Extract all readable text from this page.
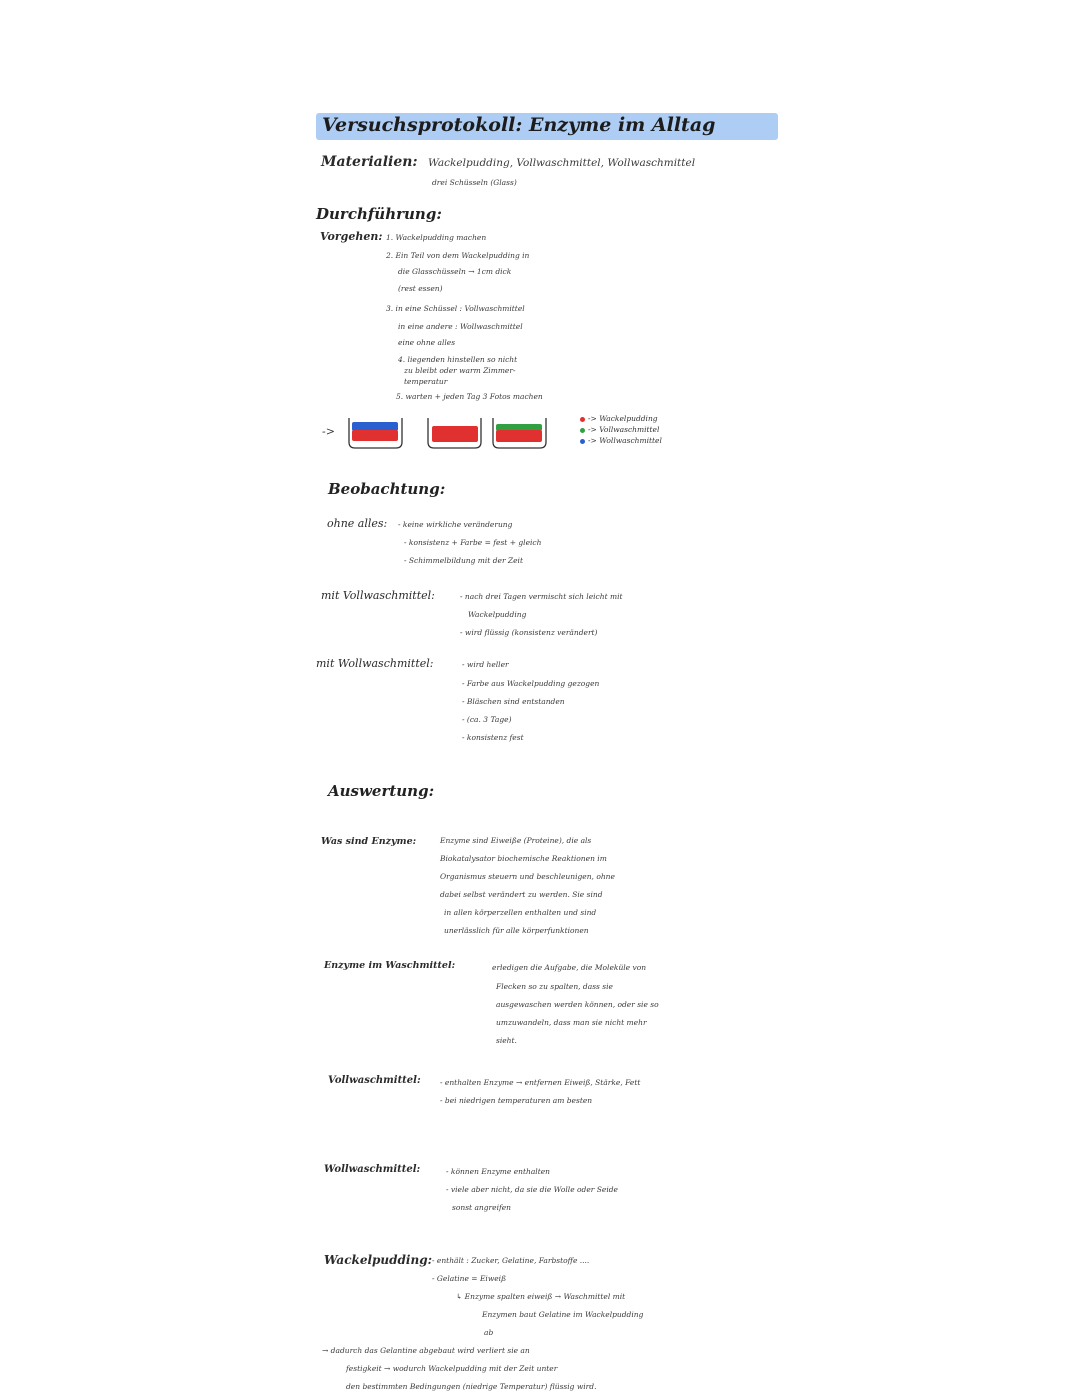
Versuchsprotokoll: Enzyme im Alltag
Materialien: Wackelpudding, Vollwaschmittel, Wollwaschmittel
drei Schüsseln (Glass)
Durchführung:
Vorgehen: 1. Wackelpudding machen
2. Ein Teil von dem Wackelpudding in
die Glasschüsseln → 1cm dick
(rest essen)
3. in eine Schüssel : Vollwaschmittel
in eine andere : Wollwaschmittel
eine ohne alles
4. liegenden hinstellen so nicht
zu bleibt oder warm Zimmer-
temperatur
5. warten + jeden Tag 3 Fotos machen
->
-> Wackelpudding
-> Vollwaschmittel
-> Wollwaschmittel
Beobachtung:
ohne alles: - keine wirkliche veränderung
- konsistenz + Farbe = fest + gleich
- Schimmelbildung mit der Zeit
mit Vollwaschmittel:	- nach drei Tagen vermischt sich leicht mit
Wackelpudding
- wird flüssig (konsistenz verändert)
mit Wollwaschmittel:	- wird heller
- Farbe aus Wackelpudding gezogen
- Bläschen sind entstanden
- (ca. 3 Tage)
- konsistenz fest
Auswertung:
Was sind Enzyme:	Enzyme sind Eiweiße (Proteine), die als
Biokatalysator biochemische Reaktionen im
Organismus steuern und beschleunigen, ohne
dabei selbst verändert zu werden. Sie sind
in allen körperzellen enthalten und sind
unerlässlich für alle körperfunktionen
Enzyme im Waschmittel:	erledigen die Aufgabe, die Moleküle von
Flecken so zu spalten, dass sie
ausgewaschen werden können, oder sie so
umzuwandeln, dass man sie nicht mehr
sieht.
Vollwaschmittel:	- enthalten Enzyme → entfernen Eiweiß, Stärke, Fett
- bei niedrigen temperaturen am besten
Wollwaschmittel:	- können Enzyme enthalten
- viele aber nicht, da sie die Wolle oder Seide
sonst angreifen
Wackelpudding: - enthält : Zucker, Gelatine, Farbstoffe ....
- Gelatine = Eiweiß
↳ Enzyme spalten eiweiß → Waschmittel mit
Enzymen baut Gelatine im Wackelpudding
ab
→ dadurch das Gelantine abgebaut wird verliert sie an
festigkeit → wodurch Wackelpudding mit der Zeit unter
den bestimmten Bedingungen (niedrige Temperatur) flüssig wird.
